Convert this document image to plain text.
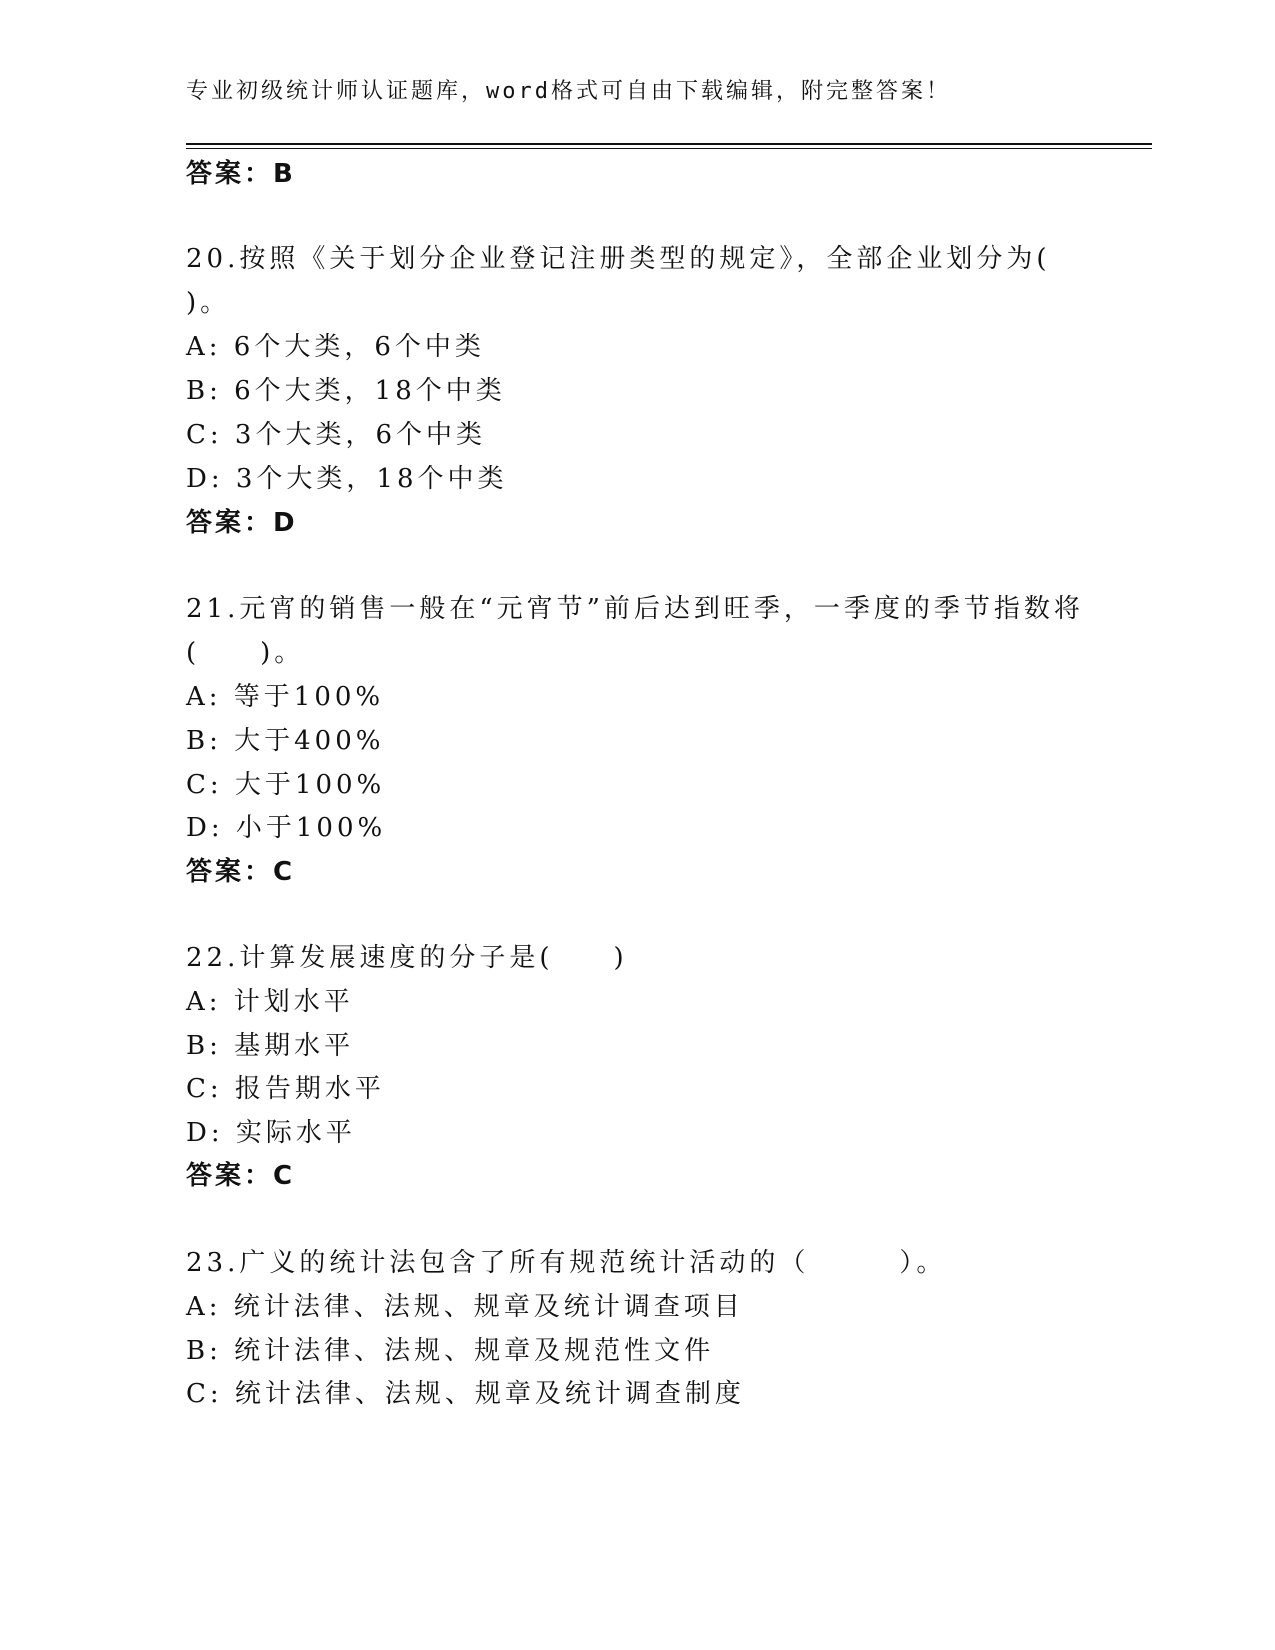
专业初级统计师认证题库，word格式可自由下载编辑，附完整答案！
答案：B
20.按照《关于划分企业登记注册类型的规定》，全部企业划分为(
)。
A: 6个大类，6个中类
B: 6个大类，18个中类
C: 3个大类，6个中类
D: 3个大类，18个中类
答案：D
21.元宵的销售一般在“元宵节”前后达到旺季，一季度的季节指数将
(　　)。
A: 等于100%
B: 大于400%
C: 大于100%
D: 小于100%
答案：C
22.计算发展速度的分子是(　　)
A: 计划水平
B: 基期水平
C: 报告期水平
D: 实际水平
答案：C
23.广义的统计法包含了所有规范统计活动的（　　　）。
A: 统计法律、法规、规章及统计调查项目
B: 统计法律、法规、规章及规范性文件
C: 统计法律、法规、规章及统计调查制度
